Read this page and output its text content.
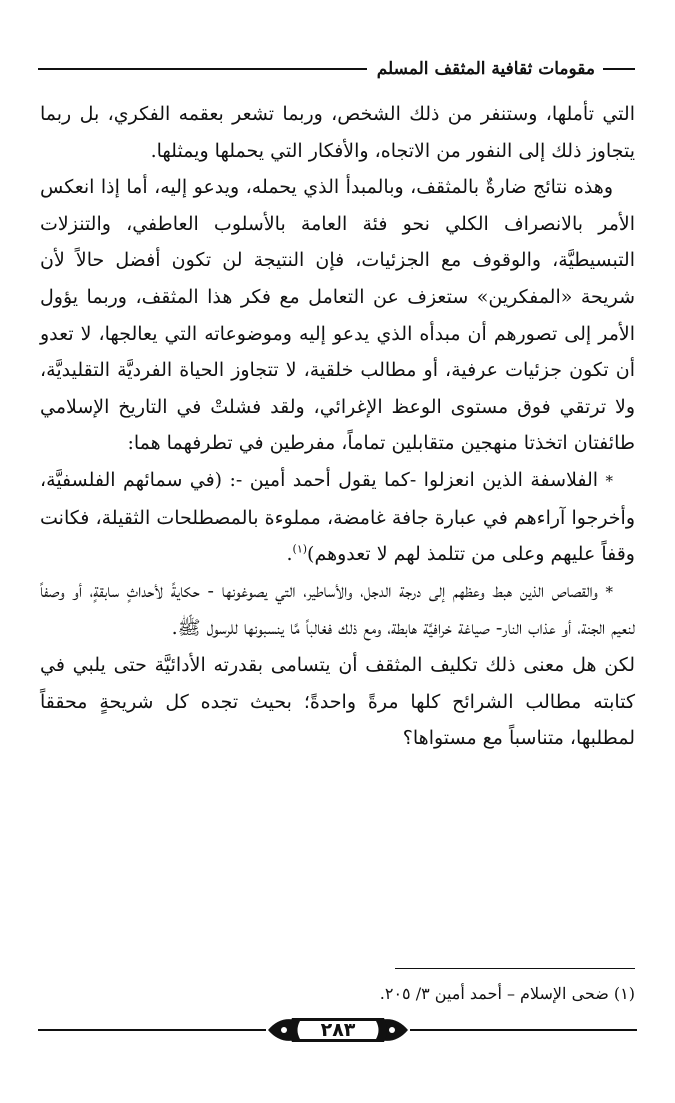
مقومات ثقافية المثقف المسلم

التي تأملها، وستنفر من ذلك الشخص، وربما تشعر بعقمه الفكري، بل ربما يتجاوز ذلك إلى النفور من الاتجاه، والأفكار التي يحملها ويمثلها.

وهذه نتائج ضارةٌ بالمثقف، وبالمبدأ الذي يحمله، ويدعو إليه، أما إذا انعكس الأمر بالانصراف الكلي نحو فئة العامة بالأسلوب العاطفي، والتنزلات التبسيطيَّة، والوقوف مع الجزئيات، فإن النتيجة لن تكون أفضل حالاً لأن شريحة «المفكرين» ستعزف عن التعامل مع فكر هذا المثقف، وربما يؤول الأمر إلى تصورهم أن مبدأه الذي يدعو إليه وموضوعاته التي يعالجها، لا تعدو أن تكون جزئيات عرفية، أو مطالب خلقية، لا تتجاوز الحياة الفرديَّة التقليديَّة، ولا ترتقي فوق مستوى الوعظ الإغرائي، ولقد فشلتْ في التاريخ الإسلامي طائفتان اتخذتا منهجين متقابلين تماماً، مفرطين في تطرفهما هما:

* الفلاسفة الذين انعزلوا -كما يقول أحمد أمين -: (في سمائهم الفلسفيَّة، وأخرجوا آراءهم في عبارة جافة غامضة، مملوءة بالمصطلحات الثقيلة، فكانت وقفاً عليهم وعلى من تتلمذ لهم لا تعدوهم)$^{(١)}$.

* والقصاص الذين هبط وعظهم إلى درجة الدجل، والأساطير، التي يصوغونها - حكايةً لأحداثٍ سابقةٍ، أو وصفاً لنعيم الجنة، أو عذاب النار- صياغة خرافيَّة هابطة، ومع ذلك فغالباً مَّا ينسبونها للرسول ﷺ.

لكن هل معنى ذلك تكليف المثقف أن يتسامى بقدرته الأدائيَّة حتى يلبي في كتابته مطالب الشرائح كلها مرةً واحدةً؛ بحيث تجده كل شريحةٍ محققاً لمطلبها، متناسباً مع مستواها؟

(١) ضحى الإسلام – أحمد أمين ٣/ ٢٠٥.
٢٨٣
